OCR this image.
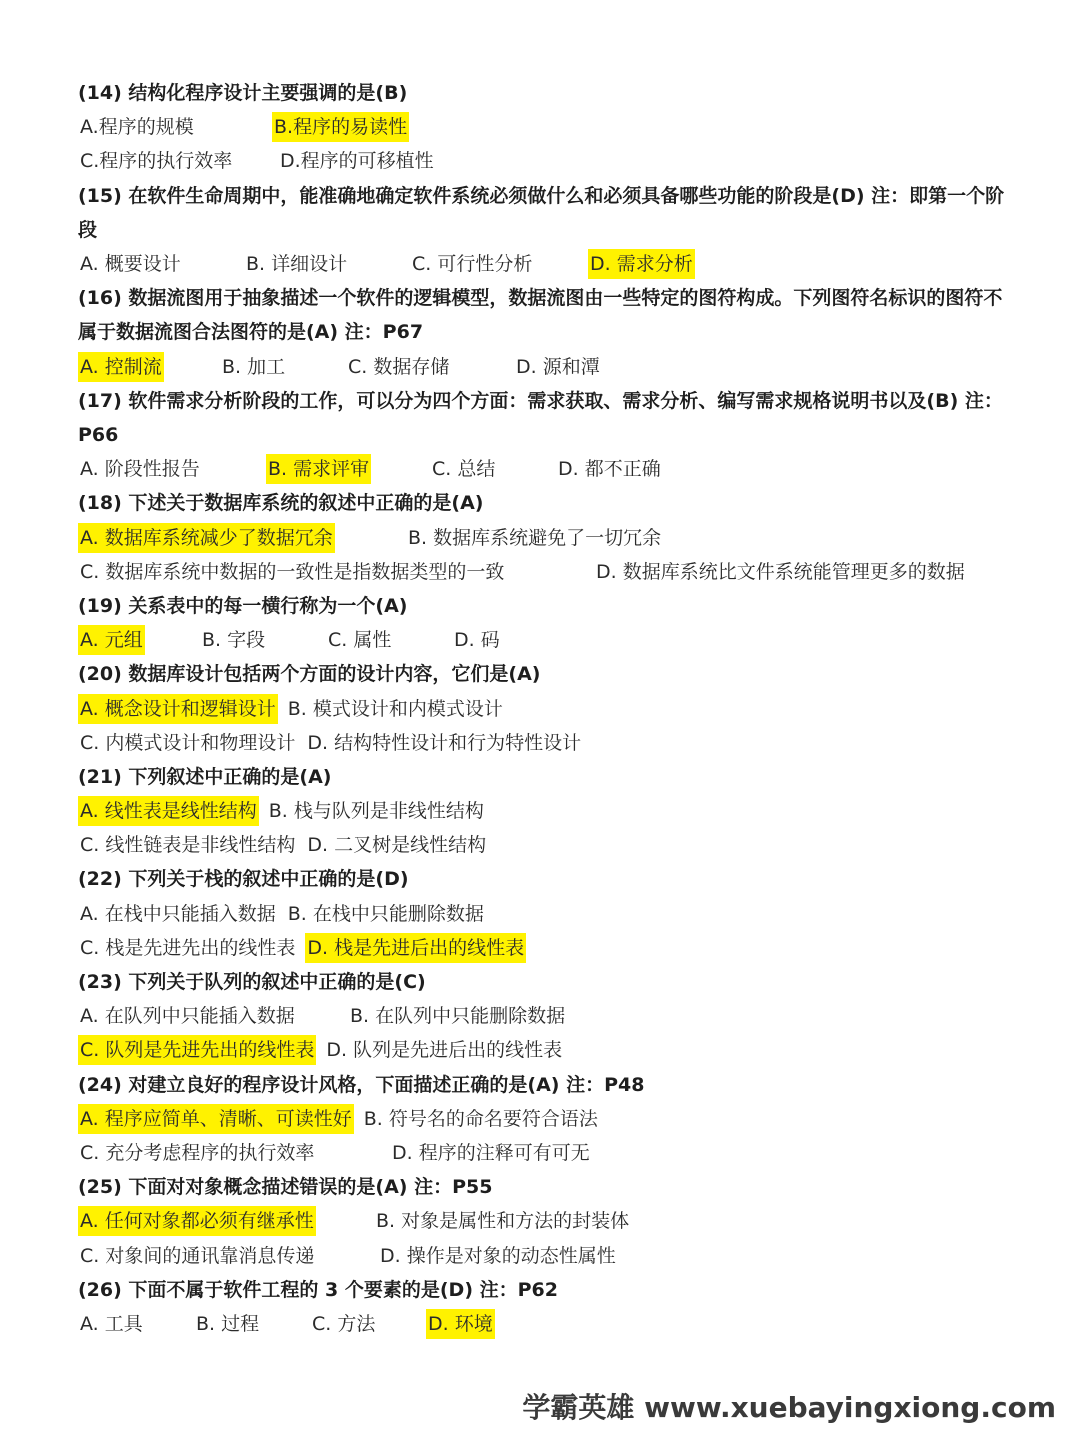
(14) 结构化程序设计主要强调的是(B)
A.程序的规模	B.程序的易读性
C.程序的执行效率	D.程序的可移植性
(15) 在软件生命周期中，能准确地确定软件系统必须做什么和必须具备哪些功能的阶段是(D) 注：即第一个阶段
A. 概要设计	B. 详细设计	C. 可行性分析	D. 需求分析
(16) 数据流图用于抽象描述一个软件的逻辑模型，数据流图由一些特定的图符构成。下列图符名标识的图符不属于数据流图合法图符的是(A) 注：P67
A. 控制流	B. 加工	C. 数据存储	D. 源和潭
(17) 软件需求分析阶段的工作，可以分为四个方面：需求获取、需求分析、编写需求规格说明书以及(B) 注：P66
A. 阶段性报告	B. 需求评审	C. 总结	D. 都不正确
(18) 下述关于数据库系统的叙述中正确的是(A)
A. 数据库系统减少了数据冗余	B. 数据库系统避免了一切冗余
C. 数据库系统中数据的一致性是指数据类型的一致	D. 数据库系统比文件系统能管理更多的数据
(19) 关系表中的每一横行称为一个(A)
A. 元组	B. 字段	C. 属性	D. 码
(20) 数据库设计包括两个方面的设计内容，它们是(A)
A. 概念设计和逻辑设计 B. 模式设计和内模式设计
C. 内模式设计和物理设计 D. 结构特性设计和行为特性设计
(21) 下列叙述中正确的是(A)
A. 线性表是线性结构 B. 栈与队列是非线性结构
C. 线性链表是非线性结构 D. 二叉树是线性结构
(22) 下列关于栈的叙述中正确的是(D)
A. 在栈中只能插入数据 B. 在栈中只能删除数据
C. 栈是先进先出的线性表 D. 栈是先进后出的线性表
(23) 下列关于队列的叙述中正确的是(C)
A. 在队列中只能插入数据	B. 在队列中只能删除数据
C. 队列是先进先出的线性表 D. 队列是先进后出的线性表
(24) 对建立良好的程序设计风格，下面描述正确的是(A) 注：P48
A. 程序应简单、清晰、可读性好 B. 符号名的命名要符合语法
C. 充分考虑程序的执行效率	D. 程序的注释可有可无
(25) 下面对对象概念描述错误的是(A) 注：P55
A. 任何对象都必须有继承性	B. 对象是属性和方法的封装体
C. 对象间的通讯靠消息传递	D. 操作是对象的动态性属性
(26) 下面不属于软件工程的 3 个要素的是(D) 注：P62
A. 工具	B. 过程	C. 方法	D. 环境
学霸英雄 www.xuebayingxiong.com
